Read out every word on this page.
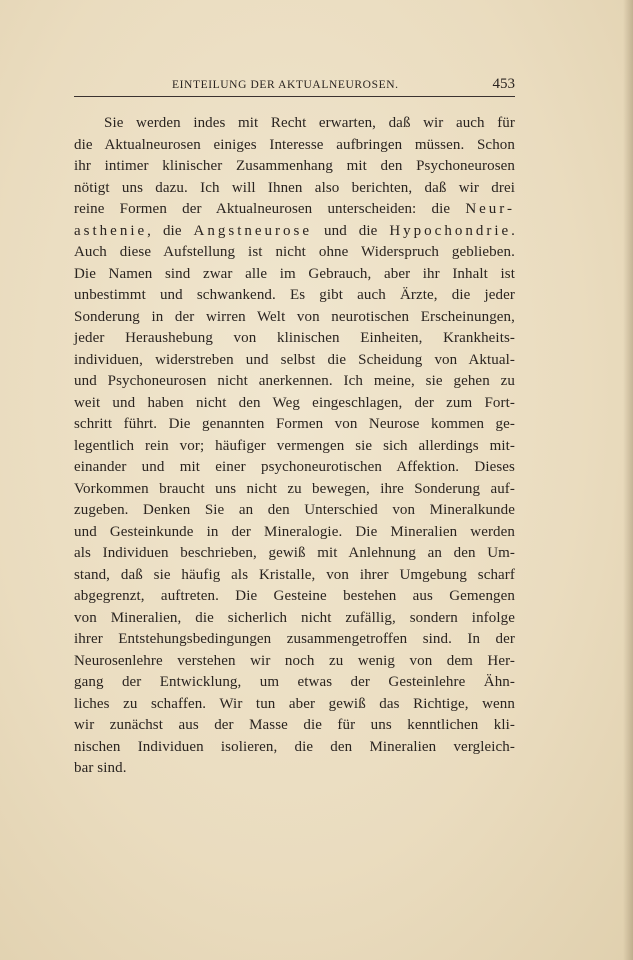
EINTEILUNG DER AKTUALNEUROSEN.	453
Sie werden indes mit Recht erwarten, daß wir auch für
die Aktualneurosen einiges Interesse aufbringen müssen. Schon
ihr intimer klinischer Zusammenhang mit den Psychoneurosen
nötigt uns dazu. Ich will Ihnen also berichten, daß wir drei
reine Formen der Aktualneurosen unterscheiden: die Neur-
asthenie, die Angstneurose und die Hypochondrie.
Auch diese Aufstellung ist nicht ohne Widerspruch geblieben.
Die Namen sind zwar alle im Gebrauch, aber ihr Inhalt ist
unbestimmt und schwankend. Es gibt auch Ärzte, die jeder
Sonderung in der wirren Welt von neurotischen Erscheinungen,
jeder Heraushebung von klinischen Einheiten, Krankheits-
individuen, widerstreben und selbst die Scheidung von Aktual-
und Psychoneurosen nicht anerkennen. Ich meine, sie gehen zu
weit und haben nicht den Weg eingeschlagen, der zum Fort-
schritt führt. Die genannten Formen von Neurose kommen ge-
legentlich rein vor; häufiger vermengen sie sich allerdings mit-
einander und mit einer psychoneurotischen Affektion. Dieses
Vorkommen braucht uns nicht zu bewegen, ihre Sonderung auf-
zugeben. Denken Sie an den Unterschied von Mineralkunde
und Gesteinkunde in der Mineralogie. Die Mineralien werden
als Individuen beschrieben, gewiß mit Anlehnung an den Um-
stand, daß sie häufig als Kristalle, von ihrer Umgebung scharf
abgegrenzt, auftreten. Die Gesteine bestehen aus Gemengen
von Mineralien, die sicherlich nicht zufällig, sondern infolge
ihrer Entstehungsbedingungen zusammengetroffen sind. In der
Neurosenlehre verstehen wir noch zu wenig von dem Her-
gang der Entwicklung, um etwas der Gesteinlehre Ähn-
liches zu schaffen. Wir tun aber gewiß das Richtige, wenn
wir zunächst aus der Masse die für uns kenntlichen kli-
nischen Individuen isolieren, die den Mineralien vergleich-
bar sind.
